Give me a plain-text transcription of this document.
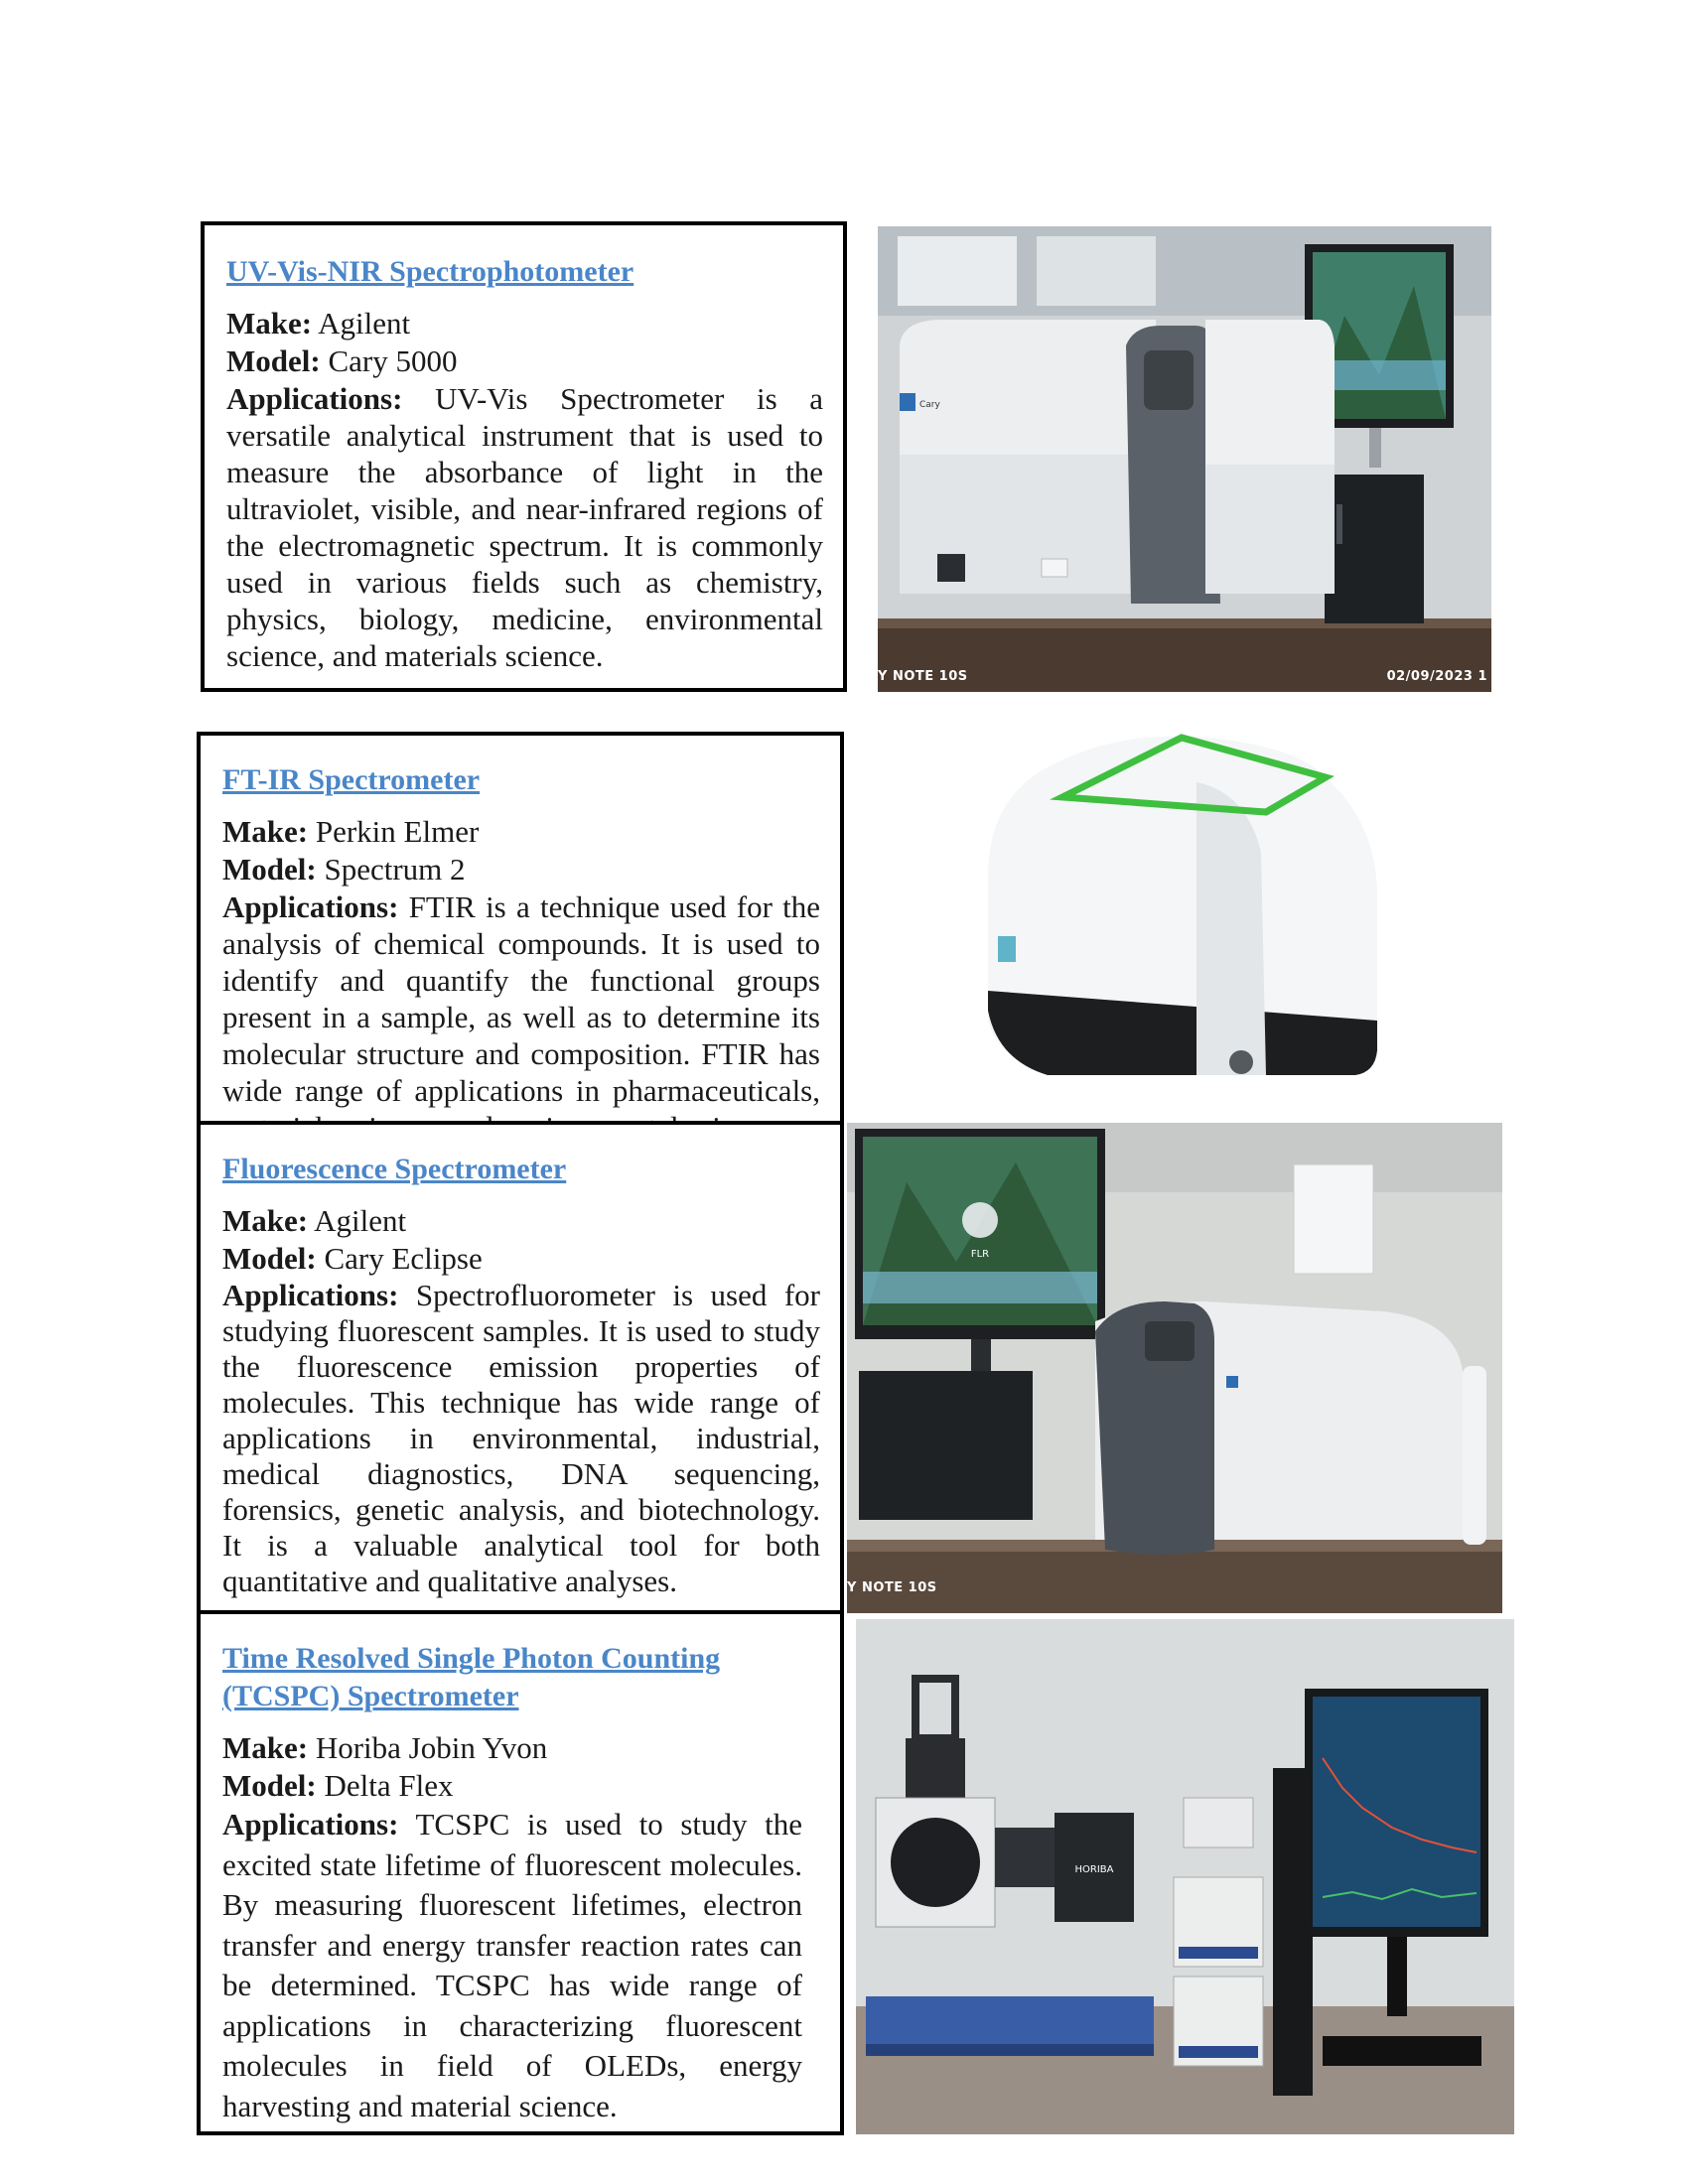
UV-Vis-NIR Spectrophotometer
Make: Agilent
Model: Cary 5000
Applications: UV-Vis Spectrometer is a versatile analytical instrument that is used to measure the absorbance of light in the ultraviolet, visible, and near-infrared regions of the electromagnetic spectrum. It is commonly used in various fields such as chemistry, physics, biology, medicine, environmental science, and materials science.
Cary
Y NOTE 10S	02/09/2023 1
FT-IR Spectrometer
Make: Perkin Elmer
Model: Spectrum 2
Applications: FTIR is a technique used for the analysis of chemical compounds. It is used to identify and quantify the functional groups present in a sample, as well as to determine its molecular structure and composition. FTIR has wide range of applications in pharmaceuticals,
Fluorescence Spectrometer
Make: Agilent
Model: Cary Eclipse
Applications: Spectrofluorometer is used for studying fluorescent samples. It is used to study the fluorescence emission properties of molecules. This technique has wide range of applications in environmental, industrial, medical diagnostics, DNA sequencing, forensics, genetic analysis, and biotechnology. It is a valuable analytical tool for both quantitative and qualitative analyses.
FLR
Y NOTE 10S
Time Resolved Single Photon Counting (TCSPC) Spectrometer
Make: Horiba Jobin Yvon
Model: Delta Flex
Applications: TCSPC is used to study the excited state lifetime of fluorescent molecules. By measuring fluorescent lifetimes, electron transfer and energy transfer reaction rates can be determined. TCSPC has wide range of applications in characterizing fluorescent molecules in field of OLEDs, energy harvesting and material science.
HORIBA
